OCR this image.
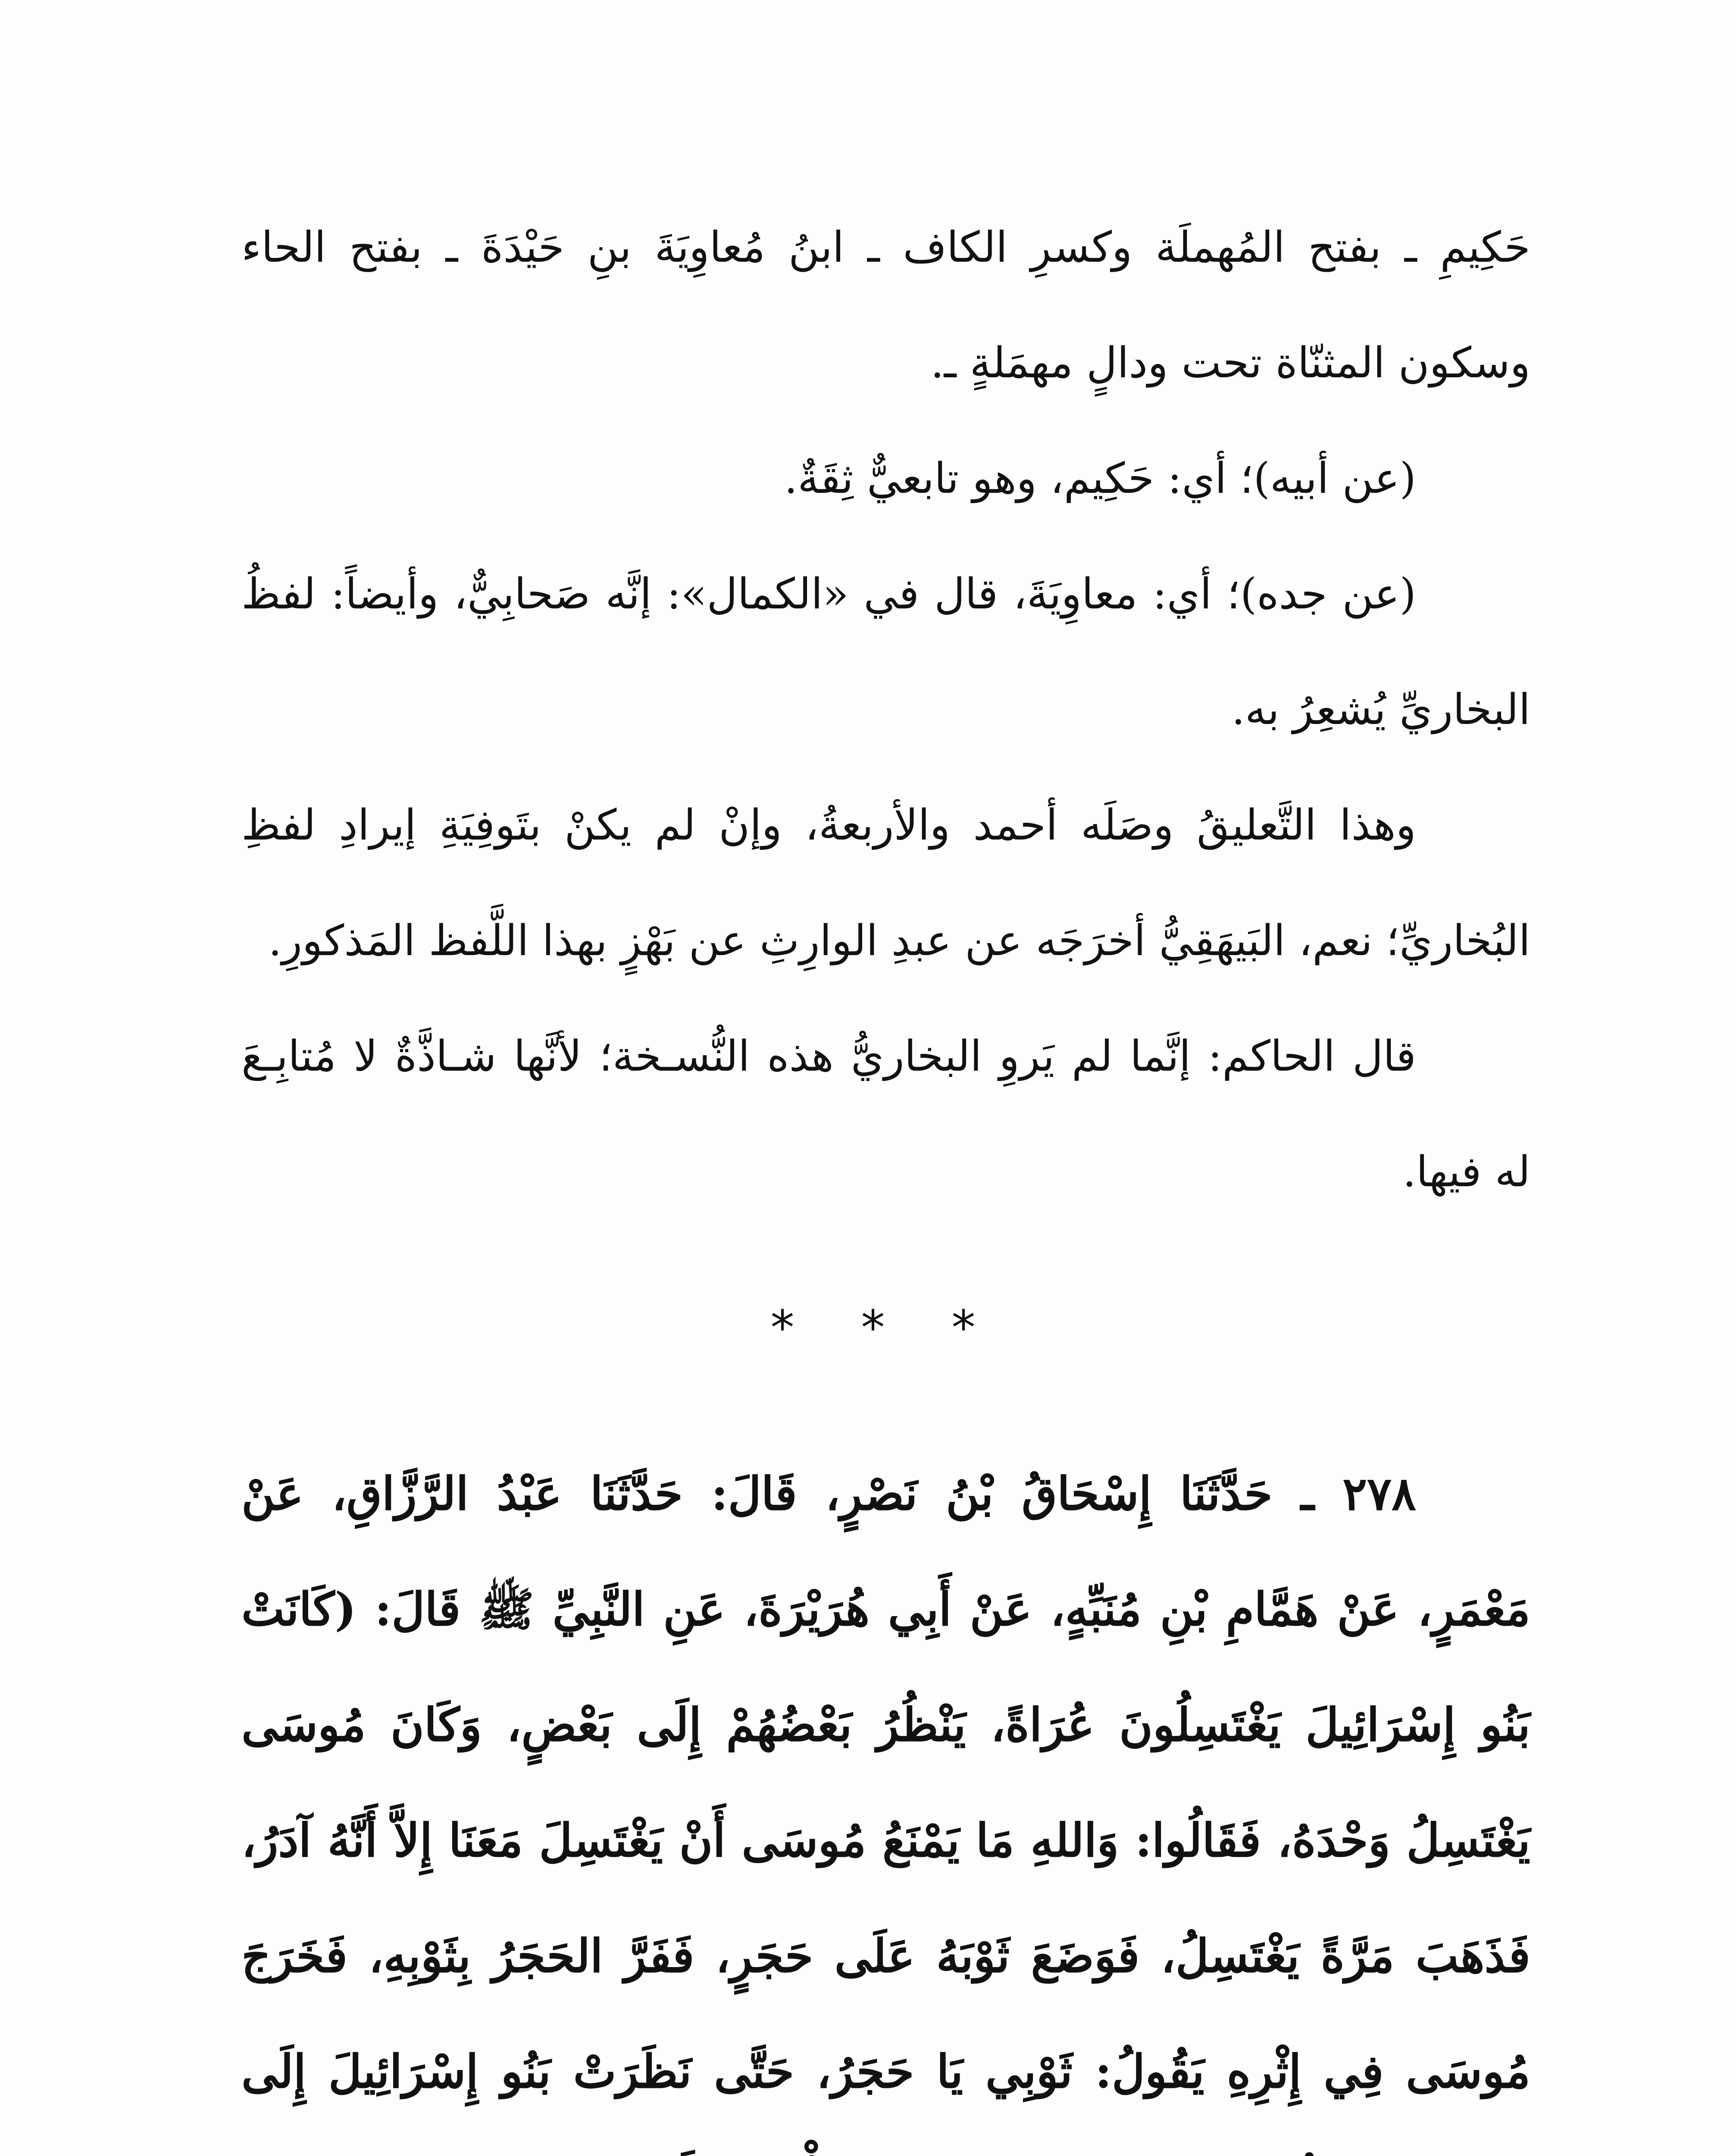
حَكِيمِ ـ بفتح المُهملَة وكسرِ الكاف ـ ابنُ مُعاوِيَةَ بنِ حَيْدَةَ ـ بفتح الحاء وسكون المثنّاة تحت ودالٍ مهمَلةٍ ـ.

(عن أبيه)؛ أي: حَكِيم، وهو تابعيٌّ ثِقَةٌ.

(عن جده)؛ أي: معاوِيَةَ، قال في «الكمال»: إنَّه صَحابِيٌّ، وأيضاً: لفظُ البخاريِّ يُشعِرُ به.

وهذا التَّعليقُ وصَلَه أحمد والأربعةُ، وإنْ لم يكنْ بتَوفِيَةِ إيرادِ لفظِ البُخاريِّ؛ نعم، البَيهَقِيُّ أخرَجَه عن عبدِ الوارِثِ عن بَهْزٍ بهذا اللَّفظ المَذكورِ.

قال الحاكم: إنَّما لم يَروِ البخاريُّ هذه النُّسـخة؛ لأنَّها شـاذَّةٌ لا مُتابِـعَ له فيها.

* * *

٢٧٨ ـ حَدَّثَنَا إِسْحَاقُ بْنُ نَصْرٍ، قَالَ: حَدَّثَنَا عَبْدُ الرَّزَّاقِ، عَنْ مَعْمَرٍ، عَنْ هَمَّامِ بْنِ مُنَبِّهٍ، عَنْ أَبِي هُرَيْرَةَ، عَنِ النَّبِيِّ ﷺ قَالَ: (كَانَتْ بَنُو إِسْرَائِيلَ يَغْتَسِلُونَ عُرَاةً، يَنْظُرُ بَعْضُهُمْ إِلَى بَعْضٍ، وَكَانَ مُوسَى يَغْتَسِلُ وَحْدَهُ، فَقَالُوا: وَاللهِ مَا يَمْنَعُ مُوسَى أَنْ يَغْتَسِلَ مَعَنَا إِلاَّ أَنَّهُ آدَرُ، فَذَهَبَ مَرَّةً يَغْتَسِلُ، فَوَضَعَ ثَوْبَهُ عَلَى حَجَرٍ، فَفَرَّ الحَجَرُ بِثَوْبِهِ، فَخَرَجَ مُوسَى فِي إِثْرِهِ يَقُولُ: ثَوْبِي يَا حَجَرُ، حَتَّى نَظَرَتْ بَنُو إِسْرَائِيلَ إِلَى
